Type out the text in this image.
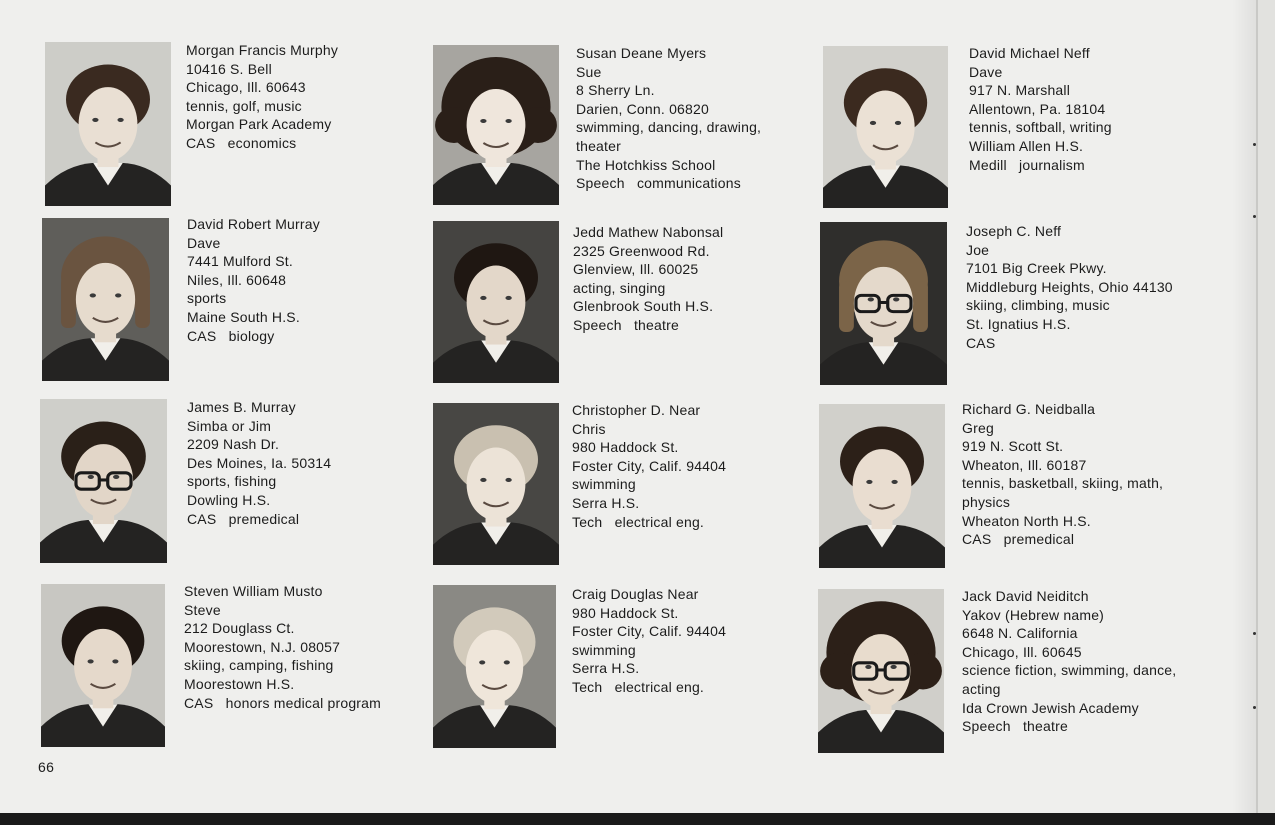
66
Morgan Francis Murphy
10416 S. Bell
Chicago, Ill. 60643
tennis, golf, music
Morgan Park Academy
CAS   economics
Susan Deane Myers
Sue
8 Sherry Ln.
Darien, Conn. 06820
swimming, dancing, drawing,
theater
The Hotchkiss School
Speech   communications
David Michael Neff
Dave
917 N. Marshall
Allentown, Pa. 18104
tennis, softball, writing
William Allen H.S.
Medill   journalism
David Robert Murray
Dave
7441 Mulford St.
Niles, Ill. 60648
sports
Maine South H.S.
CAS   biology
Jedd Mathew Nabonsal
2325 Greenwood Rd.
Glenview, Ill. 60025
acting, singing
Glenbrook South H.S.
Speech   theatre
Joseph C. Neff
Joe
7101 Big Creek Pkwy.
Middleburg Heights, Ohio 44130
skiing, climbing, music
St. Ignatius H.S.
CAS
James B. Murray
Simba or Jim
2209 Nash Dr.
Des Moines, Ia. 50314
sports, fishing
Dowling H.S.
CAS   premedical
Christopher D. Near
Chris
980 Haddock St.
Foster City, Calif. 94404
swimming
Serra H.S.
Tech   electrical eng.
Richard G. Neidballa
Greg
919 N. Scott St.
Wheaton, Ill. 60187
tennis, basketball, skiing, math,
physics
Wheaton North H.S.
CAS   premedical
Steven William Musto
Steve
212 Douglass Ct.
Moorestown, N.J. 08057
skiing, camping, fishing
Moorestown H.S.
CAS   honors medical program
Craig Douglas Near
980 Haddock St.
Foster City, Calif. 94404
swimming
Serra H.S.
Tech   electrical eng.
Jack David Neiditch
Yakov (Hebrew name)
6648 N. California
Chicago, Ill. 60645
science fiction, swimming, dance,
acting
Ida Crown Jewish Academy
Speech   theatre
